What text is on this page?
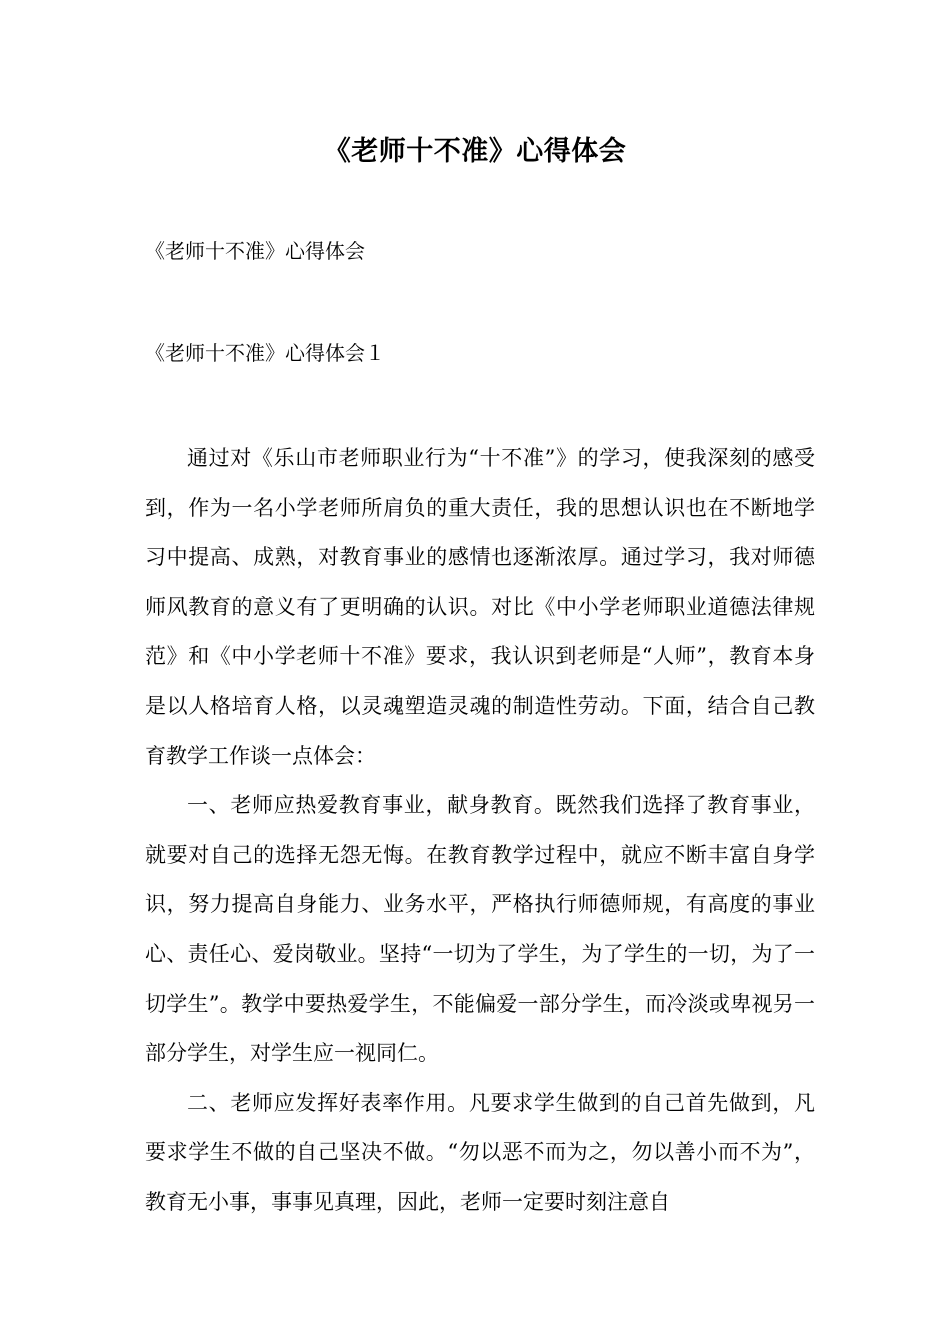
《老师十不准》心得体会
《老师十不准》心得体会
《老师十不准》心得体会１

通过对《乐山市老师职业行为“十不准”》的学习，使我深刻的感受到，作为一名小学老师所肩负的重大责任，我的思想认识也在不断地学习中提高、成熟，对教育事业的感情也逐渐浓厚。通过学习，我对师德师风教育的意义有了更明确的认识。对比《中小学老师职业道德法律规范》和《中小学老师十不准》要求，我认识到老师是“人师”，教育本身是以人格培育人格，以灵魂塑造灵魂的制造性劳动。下面，结合自己教育教学工作谈一点体会：

一、老师应热爱教育事业，献身教育。既然我们选择了教育事业，就要对自己的选择无怨无悔。在教育教学过程中，就应不断丰富自身学识，努力提高自身能力、业务水平，严格执行师德师规，有高度的事业心、责任心、爱岗敬业。坚持“一切为了学生，为了学生的一切，为了一切学生”。教学中要热爱学生，不能偏爱一部分学生，而冷淡或卑视另一部分学生，对学生应一视同仁。

二、老师应发挥好表率作用。凡要求学生做到的自己首先做到，凡要求学生不做的自己坚决不做。“勿以恶不而为之，勿以善小而不为”，教育无小事，事事见真理，因此，老师一定要时刻注意自
